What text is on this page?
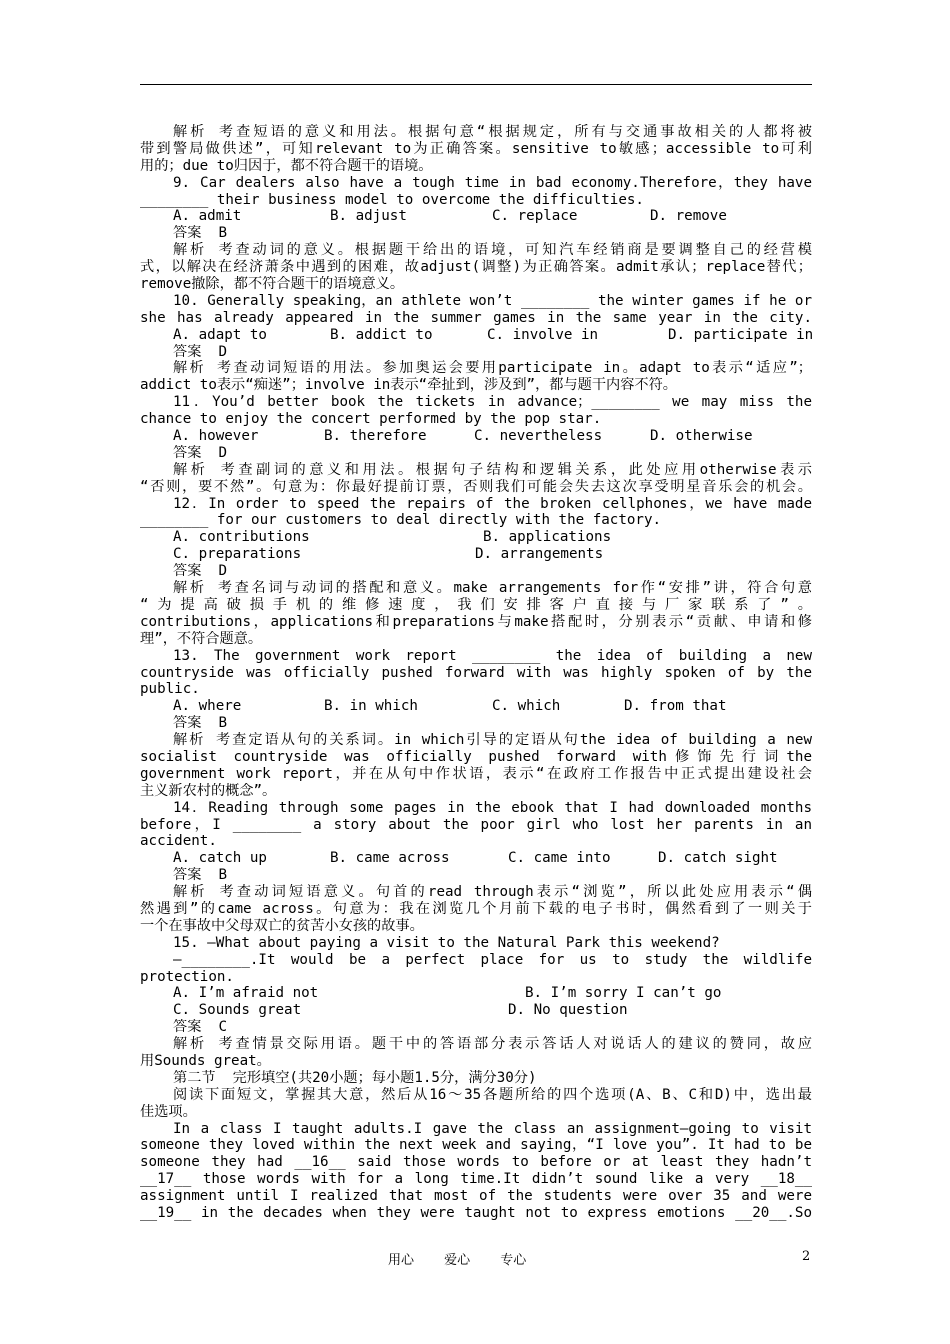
解析 考查短语的意义和用法。根据句意“根据规定，所有与交通事故相关的人都将被
带到警局做供述”，可知relevant to为正确答案。sensitive to敏感；accessible to可利
用的；due to归因于，都不符合题干的语境。
9. Car dealers also have a tough time in bad economy.Therefore，they have
________ their business model to overcome the difficulties.
A. admit	B. adjust	C. replace	D. remove
答案  B
解析 考查动词的意义。根据题干给出的语境，可知汽车经销商是要调整自己的经营模
式，以解决在经济萧条中遇到的困难，故adjust(调整)为正确答案。admit承认；replace替代；
remove撤除，都不符合题干的语境意义。
10. Generally speaking，an athlete won’t ________ the winter games if he or
she has already appeared in the summer games in the same year in the city.
A. adapt to	B. addict to	C. involve in	D. participate in
答案  D
解析 考查动词短语的用法。参加奥运会要用participate in。adapt to表示“适应”；
addict to表示“痴迷”；involve in表示“牵扯到，涉及到”，都与题干内容不符。
11．You’d better book the tickets in advance；________ we may miss the
chance to enjoy the concert performed by the pop star.
A. however	B. therefore	C. nevertheless	D. otherwise
答案  D
解析 考查副词的意义和用法。根据句子结构和逻辑关系，此处应用otherwise表示
“否则，要不然”。句意为：你最好提前订票，否则我们可能会失去这次享受明星音乐会的机会。
12．In order to speed the repairs of the broken cellphones，we have made
________ for our customers to deal directly with the factory.
A. contributions	B. applications
C. preparations	D. arrangements
答案  D
解析 考查名词与动词的搭配和意义。make arrangements for作“安排”讲，符合句意
“为提高破损手机的维修速度，我们安排客户直接与厂家联系了”。
contributions，applications和preparations与make搭配时，分别表示“贡献、申请和修
理”，不符合题意。
13. The government work report ________ the idea of building a new
countryside was officially pushed forward with was highly spoken of by the
public.
A. where	B. in which	C. which	D. from that
答案  B
解析 考查定语从句的关系词。in which引导的定语从句the idea of building a new
socialist countryside was officially pushed forward with修饰先行词the
government work report，并在从句中作状语，表示“在政府工作报告中正式提出建设社会
主义新农村的概念”。
14．Reading through some pages in the ebook that I had downloaded months
before，I ________ a story about the poor girl who lost her parents in an
accident.
A. catch up	B. came across	C. came into	D. catch sight
答案  B
解析 考查动词短语意义。句首的read through表示“浏览”，所以此处应用表示“偶
然遇到”的came across。句意为：我在浏览几个月前下载的电子书时，偶然看到了一则关于
一个在事故中父母双亡的贫苦小女孩的故事。
15. —What about paying a visit to the Natural Park this weekend?
—________.It would be a perfect place for us to study the wildlife
protection.
A. I’m afraid not	B. I’m sorry I can’t go
C. Sounds great	D. No question
答案  C
解析 考查情景交际用语。题干中的答语部分表示答话人对说话人的建议的赞同，故应
用Sounds great。
第二节  完形填空(共20小题；每小题1.5分，满分30分)
阅读下面短文，掌握其大意，然后从16～35各题所给的四个选项(A、B、C和D)中，选出最
佳选项。
In a class I taught adults.I gave the class an assignment—going to visit
someone they loved within the next week and saying，“I love you”. It had to be
someone they had __16__ said those words to before or at least they hadn’t
__17__ those words with for a long time.It didn’t sound like a very __18__
assignment until I realized that most of the students were over 35 and were
__19__ in the decades when they were taught not to express emotions __20__.So
用心 爱心 专心	2
